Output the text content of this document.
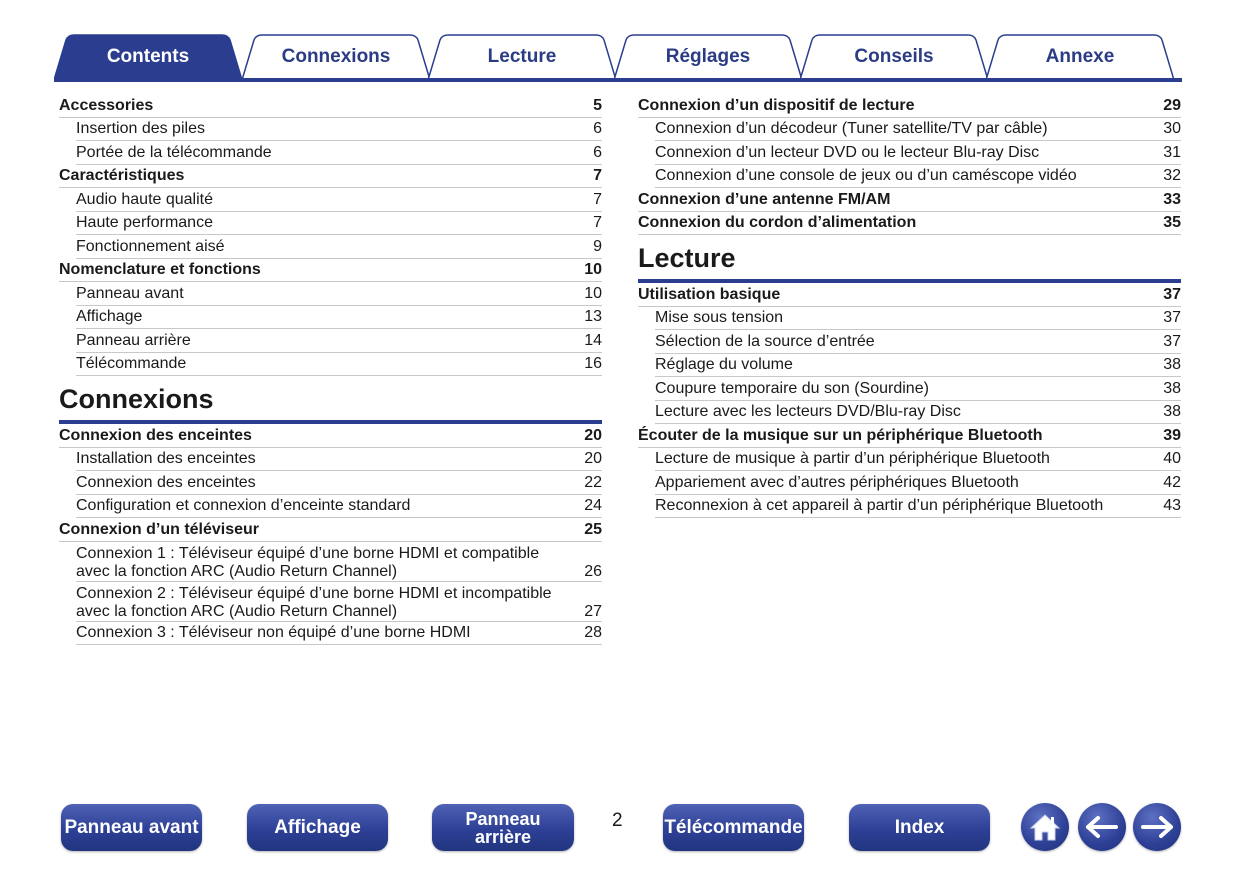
Contents	Connexions	Lecture	Réglages	Conseils	Annexe
Accessories	5
Insertion des piles	6
Portée de la télécommande	6
Caractéristiques	7
Audio haute qualité	7
Haute performance	7
Fonctionnement aisé	9
Nomenclature et fonctions	10
Panneau avant	10
Affichage	13
Panneau arrière	14
Télécommande	16
Connexions
Connexion des enceintes	20
Installation des enceintes	20
Connexion des enceintes	22
Configuration et connexion d’enceinte standard	24
Connexion d’un téléviseur	25
Connexion 1 : Téléviseur équipé d’une borne HDMI et compatible avec la fonction ARC (Audio Return Channel)	26
Connexion 2 : Téléviseur équipé d’une borne HDMI et incompatible avec la fonction ARC (Audio Return Channel)	27
Connexion 3 : Téléviseur non équipé d’une borne HDMI	28
Connexion d’un dispositif de lecture	29
Connexion d’un décodeur (Tuner satellite/TV par câble)	30
Connexion d’un lecteur DVD ou le lecteur Blu-ray Disc	31
Connexion d’une console de jeux ou d’un caméscope vidéo	32
Connexion d’une antenne FM/AM	33
Connexion du cordon d’alimentation	35
Lecture
Utilisation basique	37
Mise sous tension	37
Sélection de la source d’entrée	37
Réglage du volume	38
Coupure temporaire du son (Sourdine)	38
Lecture avec les lecteurs DVD/Blu-ray Disc	38
Écouter de la musique sur un périphérique Bluetooth	39
Lecture de musique à partir d’un périphérique Bluetooth	40
Appariement avec d’autres périphériques Bluetooth	42
Reconnexion à cet appareil à partir d’un périphérique Bluetooth	43
Panneau avant	Affichage	Panneau
arrière
2 Télécommande	Index
